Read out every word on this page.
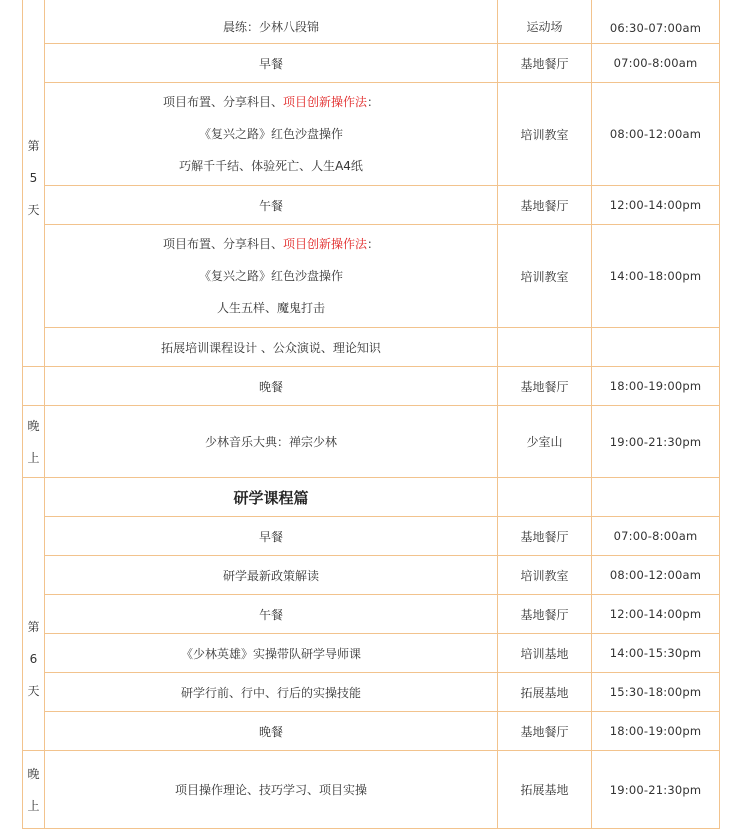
第
5
天	晨练：少林八段锦	运动场	06:30-07:00am
	早餐	基地餐厅	07:00-8:00am

	项目布置、分享科目、项目创新操作法：
《复兴之路》红色沙盘操作
巧解千千结、体验死亡、人生A4纸	培训教室	08:00-12:00am
	午餐	基地餐厅	12:00-14:00pm

	项目布置、分享科目、项目创新操作法：
《复兴之路》红色沙盘操作
人生五样、魔鬼打击	培训教室	14:00-18:00pm
	拓展培训课程设计 、公众演说、理论知识		
	晚餐	基地餐厅	18:00-19:00pm

晚
上	少林音乐大典：禅宗少林	少室山	19:00-21:30pm

第
6
天	研学课程篇		
	早餐	基地餐厅	07:00-8:00am
	研学最新政策解读	培训教室	08:00-12:00am
	午餐	基地餐厅	12:00-14:00pm
	《少林英雄》实操带队研学导师课	培训基地	14:00-15:30pm
	研学行前、行中、行后的实操技能	拓展基地	15:30-18:00pm
	晚餐	基地餐厅	18:00-19:00pm

晚
上	项目操作理论、技巧学习、项目实操	拓展基地	19:00-21:30pm
